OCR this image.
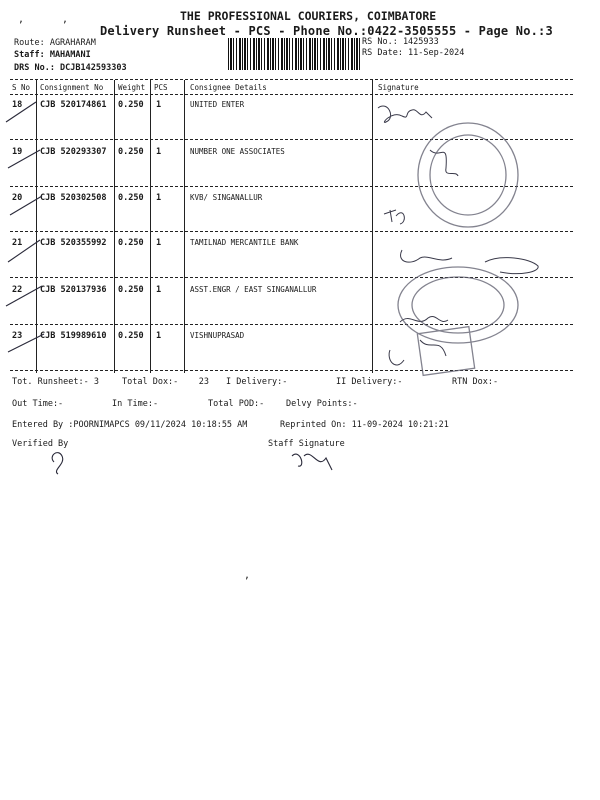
,	,	THE PROFESSIONAL COURIERS, COIMBATORE
Delivery Runsheet - PCS - Phone No.:0422-3505555 - Page No.:3
Route: AGRAHARAM
Staff: MAHAMANI
DRS No.: DCJB142593303
RS No.: 1425933
RS Date: 11-Sep-2024
S No Consignment No Weight PCS	Consignee Details	Signature
18 CJB 520174861 0.250 1	UNITED ENTER
19 CJB 520293307 0.250 1	NUMBER ONE ASSOCIATES
20 CJB 520302508 0.250 1	KVB/ SINGANALLUR
21 CJB 520355992 0.250 1	TAMILNAD MERCANTILE BANK
22 CJB 520137936 0.250 1	ASST.ENGR / EAST SINGANALLUR
23 CJB 519989610 0.250 1	VISHNUPRASAD
Tot. Runsheet:- 3	Total Dox:-    23 I Delivery:-	II Delivery:-	RTN Dox:-
Out Time:-	In Time:-	Total POD:-	Delvy Points:-
Entered By :POORNIMAPCS 09/11/2024 10:18:55 AM	Reprinted On: 11-09-2024 10:21:21
Verified By	Staff Signature
,
